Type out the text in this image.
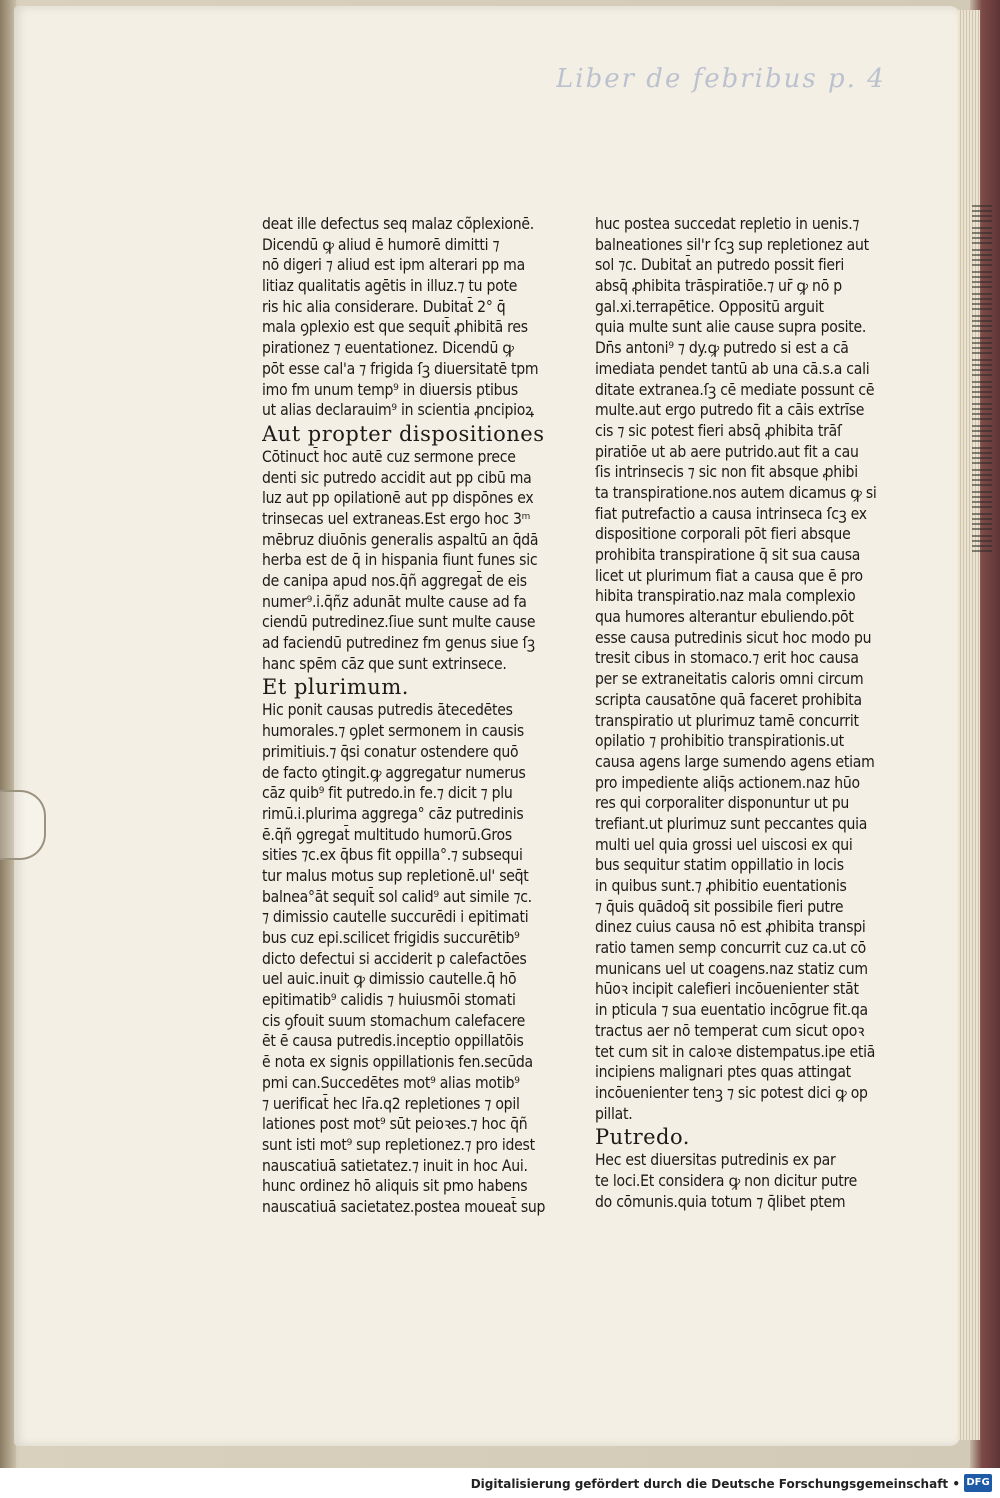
Liber de febribus p. 4
deat ille defectus seq malaz cõplexionē.
Dicendū ꝙ aliud ē humorē dimitti ⁊
nō digeri ⁊ aliud est ipm alterari pp ma
litiaz qualitatis agētis in illuz.⁊ tu pote
ris hic alia considerare. Dubitat̄ 2° q̄
mala ꝯplexio est que sequit̄ ꝓhibitā res
pirationez ⁊ euentationez. Dicendū ꝙ
pōt esse cal'a ⁊ frigida ſꝫ diuersitatē tpm
imo fm unum temp⁹ in diuersis ptibus
ut alias declarauim⁹ in scientia ꝓncipioꝝ
Aut propter dispositiones
Cōtinuct̄ hoc autē cuz sermone prece
denti sic putredo accidit aut pp cibū ma
luz aut pp opilationē aut pp dispōnes ex
trinsecas uel extraneas.Est ergo hoc 3ᵐ
mēbruz diuōnis generalis aspaltū an q̄dā
herba est de q̄ in hispania fiunt funes sic
de canipa apud nos.q̄ñ aggregat̄ de eis
numer⁹.i.q̄ñz adunāt multe cause ad fa
ciendū putredinez.ſiue sunt multe cause
ad faciendū putredinez fm genus siue ſꝫ
hanc spēm cāz que sunt extrinsece.
Et plurimum.
Hic ponit causas putredis ātecedētes
humorales.⁊ ꝯplet sermonem in causis
primitiuis.⁊ q̄si conatur ostendere quō
de facto ꝯtingit.ꝙ aggregatur numerus
cāz quib⁹ fit putredo.in fe.⁊ dicit ⁊ plu
rimū.i.plurima aggrega° cāz putredinis
ē.q̄ñ ꝯgregat̄ multitudo humorū.Gros
sities ⁊c.ex q̄bus fit oppilla°.⁊ subsequi
tur malus motus sup repletionē.ul' seq̄t
balnea°āt sequit̄ sol calid⁹ aut simile ⁊c.
⁊ dimissio cautelle succurēdi i epitimati
bus cuz epi.scilicet frigidis succurētib⁹
dicto defectui si acciderit p calefactōes
uel auic.inuit ꝙ dimissio cautelle.q̄ hō
epitimatib⁹ calidis ⁊ huiusmōi stomati
cis ꝯfouit suum stomachum calefacere
ēt ē causa putredis.inceptio oppillatōis
ē nota ex signis oppillationis fen.secūda
pmi can.Succedētes mot⁹ alias motib⁹
⁊ uerificat̄ hec lr̄a.q2 repletiones ⁊ opil
lationes post mot⁹ sūt peioꝛes.⁊ hoc q̄ñ
sunt isti mot⁹ sup repletionez.⁊ pro idest
nauscatiuā satietatez.⁊ inuit in hoc Aui.
hunc ordinez hō aliquis sit pmo habens
nauscatiuā sacietatez.postea moueat̄ sup
huc postea succedat repletio in uenis.⁊
balneationes sil'r ſcꝫ sup repletionez aut
sol ⁊c. Dubitat̄ an putredo possit fieri
absq̄ ꝓhibita trāspiratiōe.⁊ ur̄ ꝙ nō p
gal.xi.terrapētice. Oppositū arguit
quia multe sunt alie cause supra posite.
Dn̄s antoni⁹ ⁊ dy.ꝙ putredo si est a cā
imediata pendet tantū ab una cā.s.a cali
ditate extranea.ſꝫ cē mediate possunt cē
multe.aut ergo putredo fit a cāis extrīse
cis ⁊ sic potest fieri absq̄ ꝓhibita trāſ
piratiōe ut ab aere putrido.aut fit a cau
ſis intrinsecis ⁊ sic non fit absque ꝓhibi
ta transpiratione.nos autem dicamus ꝙ si
fiat putrefactio a causa intrinseca ſcꝫ ex
dispositione corporali pōt fieri absque
prohibita transpiratione q̄ sit sua causa
licet ut plurimum fiat a causa que ē pro
hibita transpiratio.naz mala complexio
qua humores alterantur ebuliendo.pōt
esse causa putredinis sicut hoc modo pu
tresit cibus in stomaco.⁊ erit hoc causa
per se extraneitatis caloris omni circum
scripta causatōne quā faceret prohibita
transpiratio ut plurimuz tamē concurrit
opilatio ⁊ prohibitio transpirationis.ut
causa agens large sumendo agens etiam
pro impediente aliq̄s actionem.naz hūo
res qui corporaliter disponuntur ut pu
trefiant.ut plurimuz sunt peccantes quia
multi uel quia grossi uel uiscosi ex qui
bus sequitur statim oppillatio in locis
in quibus sunt.⁊ ꝓhibitio euentationis
⁊ q̄uis quādoq̄ sit possibile fieri putre
dinez cuius causa nō est ꝓhibita transpi
ratio tamen semp concurrit cuz ca.ut cō
municans uel ut coagens.naz statiz cum
hūoꝛ incipit calefieri incōuenienter stāt
in pticula ⁊ sua euentatio incōgrue fit.qa
tractus aer nō temperat cum sicut opoꝛ
tet cum sit in caloꝛe distempatus.ipe etiā
incipiens malignari ptes quas attingat
incōuenienter tenꝫ ⁊ sic potest dici ꝙ op
pillat.
Putredo.
Hec est diuersitas putredinis ex par
te loci.Et considera ꝙ non dicitur putre
do cōmunis.quia totum ⁊ q̄libet ptem
Digitalisierung gefördert durch die Deutsche Forschungsgemeinschaft • DFG
